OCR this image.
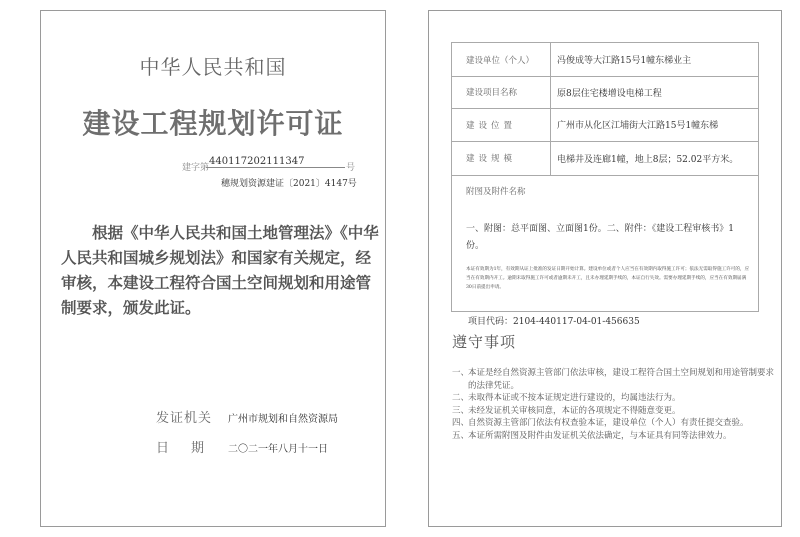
中华人民共和国
建设工程规划许可证
建字第
440117202111347
号
穗规划资源建证〔2021〕4147号
根据《中华人民共和国土地管理法》《中华人民共和国城乡规划法》和国家有关规定，经审核，本建设工程符合国土空间规划和用途管制要求，颁发此证。
发证机关 广州市规划和自然资源局
日期 二〇二一年八月十一日
建设单位（个人）	冯俊成等大江路15号1幢东梯业主
建设项目名称	原8层住宅楼增设电梯工程
建设位置	广州市从化区江埔街大江路15号1幢东梯
建设规模	电梯井及连廊1幢，地上8层；52.02平方米。
附图及附件名称
一、附图：总平面图、立面图1份。二、附件：《建设工程审核书》1份。
本证有效期为1年，有效期从证上批准的发证日期开始计算。建设单位或者个人应当在有效期内取得施工许可；依法无需取得施工许可的，应当在有效期内开工。逾期未取得施工许可或者逾期未开工，且未办理延期手续的，本证自行失效。需要办理延期手续的，应当在有效期届满30日前提出申请。
项目代码：2104-440117-04-01-456635
遵守事项
一、
本证是经自然资源主管部门依法审核，建设工程符合国土空间规划和用途管制要求的法律凭证。
二、
未取得本证或不按本证规定进行建设的，均属违法行为。
三、
未经发证机关审核同意，本证的各项规定不得随意变更。
四、
自然资源主管部门依法有权查验本证，建设单位（个人）有责任提交查验。
五、
本证所需附图及附件由发证机关依法确定，与本证具有同等法律效力。
